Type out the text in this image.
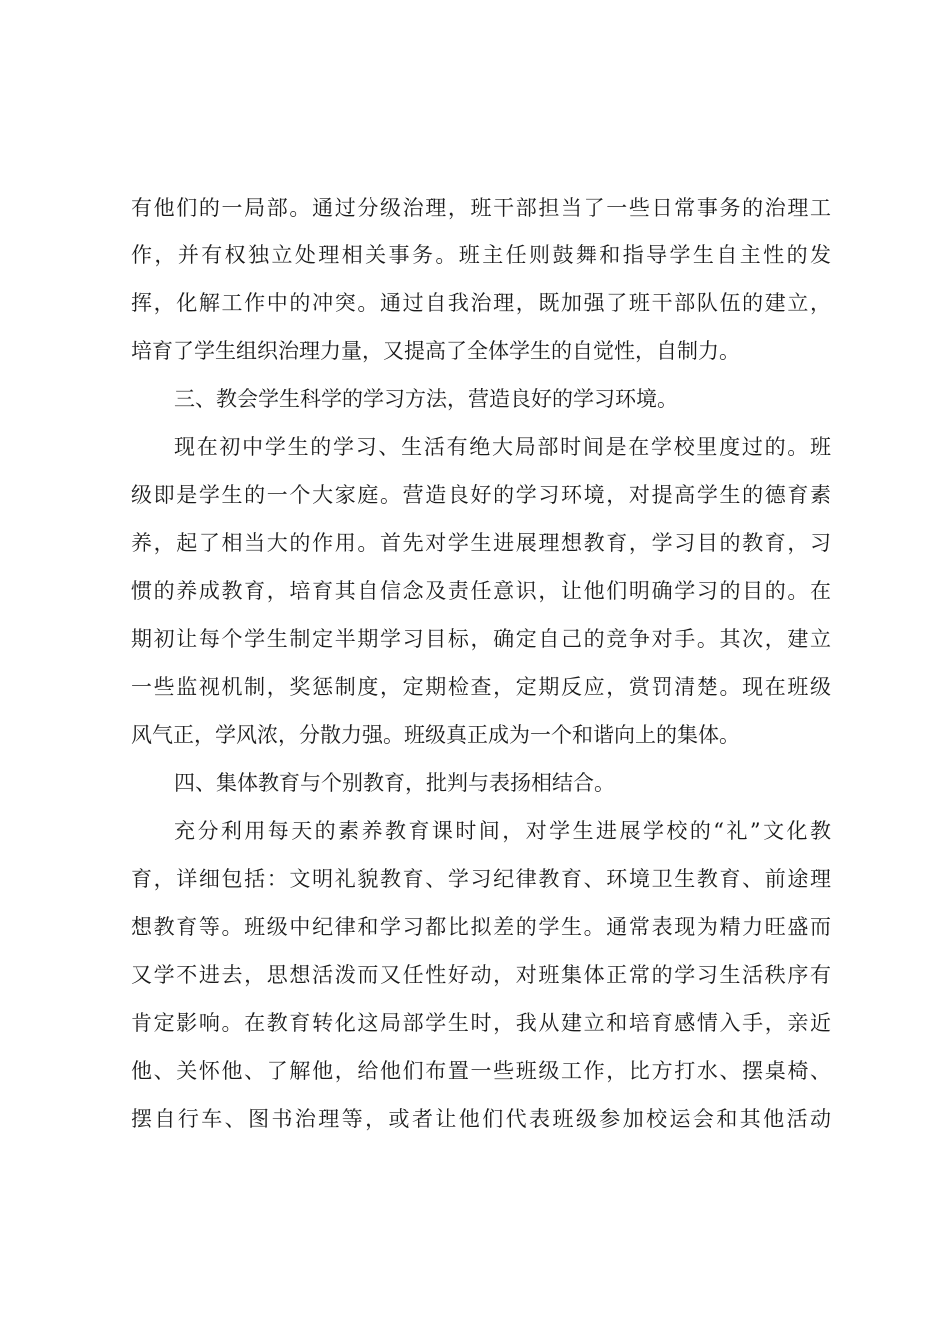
有他们的一局部。通过分级治理，班干部担当了一些日常事务的治理工
作，并有权独立处理相关事务。班主任则鼓舞和指导学生自主性的发
挥，化解工作中的冲突。通过自我治理，既加强了班干部队伍的建立，
培育了学生组织治理力量，又提高了全体学生的自觉性，自制力。
三、教会学生科学的学习方法，营造良好的学习环境。
现在初中学生的学习、生活有绝大局部时间是在学校里度过的。班
级即是学生的一个大家庭。营造良好的学习环境，对提高学生的德育素
养，起了相当大的作用。首先对学生进展理想教育，学习目的教育，习
惯的养成教育，培育其自信念及责任意识，让他们明确学习的目的。在
期初让每个学生制定半期学习目标，确定自己的竞争对手。其次，建立
一些监视机制，奖惩制度，定期检查，定期反应，赏罚清楚。现在班级
风气正，学风浓，分散力强。班级真正成为一个和谐向上的集体。
四、集体教育与个别教育，批判与表扬相结合。
充分利用每天的素养教育课时间，对学生进展学校的“礼”文化教
育，详细包括：文明礼貌教育、学习纪律教育、环境卫生教育、前途理
想教育等。班级中纪律和学习都比拟差的学生。通常表现为精力旺盛而
又学不进去，思想活泼而又任性好动，对班集体正常的学习生活秩序有
肯定影响。在教育转化这局部学生时，我从建立和培育感情入手，亲近
他、关怀他、了解他，给他们布置一些班级工作，比方打水、摆桌椅、
摆自行车、图书治理等，或者让他们代表班级参加校运会和其他活动
